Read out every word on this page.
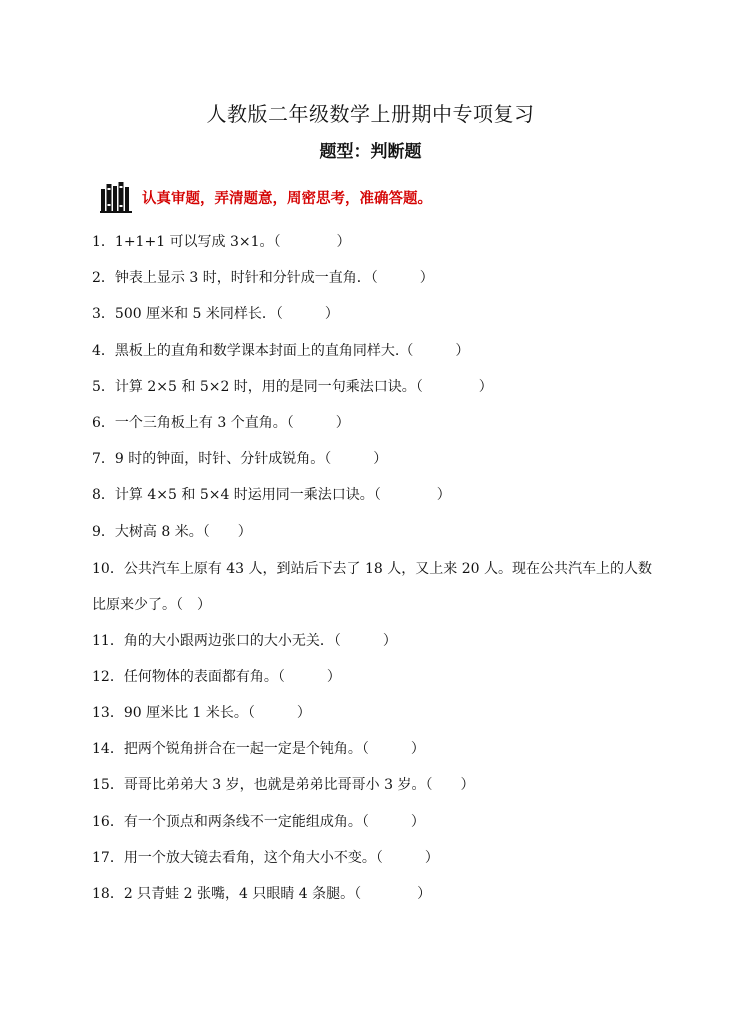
人教版二年级数学上册期中专项复习
题型：判断题
认真审题，弄清题意，周密思考，准确答题。
1．1+1+1 可以写成 3×1。（　　　　）
2．钟表上显示 3 时，时针和分针成一直角．（　　　）
3．500 厘米和 5 米同样长．（　　　）
4．黑板上的直角和数学课本封面上的直角同样大.（　　　）
5．计算 2×5 和 5×2 时，用的是同一句乘法口诀。（　　　　）
6．一个三角板上有 3 个直角。（　　　）
7．9 时的钟面，时针、分针成锐角。（　　　）
8．计算 4×5 和 5×4 时运用同一乘法口诀。（　　　　）
9．大树高 8 米。（　　）
10．公共汽车上原有 43 人，到站后下去了 18 人，又上来 20 人。现在公共汽车上的人数比原来少了。（　）
11．角的大小跟两边张口的大小无关．（　　　）
12．任何物体的表面都有角。（　　　）
13．90 厘米比 1 米长。（　　　）
14．把两个锐角拼合在一起一定是个钝角。（　　　）
15．哥哥比弟弟大 3 岁，也就是弟弟比哥哥小 3 岁。（　　）
16．有一个顶点和两条线不一定能组成角。（　　　）
17．用一个放大镜去看角，这个角大小不变。（　　　）
18．2 只青蛙 2 张嘴，4 只眼睛 4 条腿。（　　　　）
